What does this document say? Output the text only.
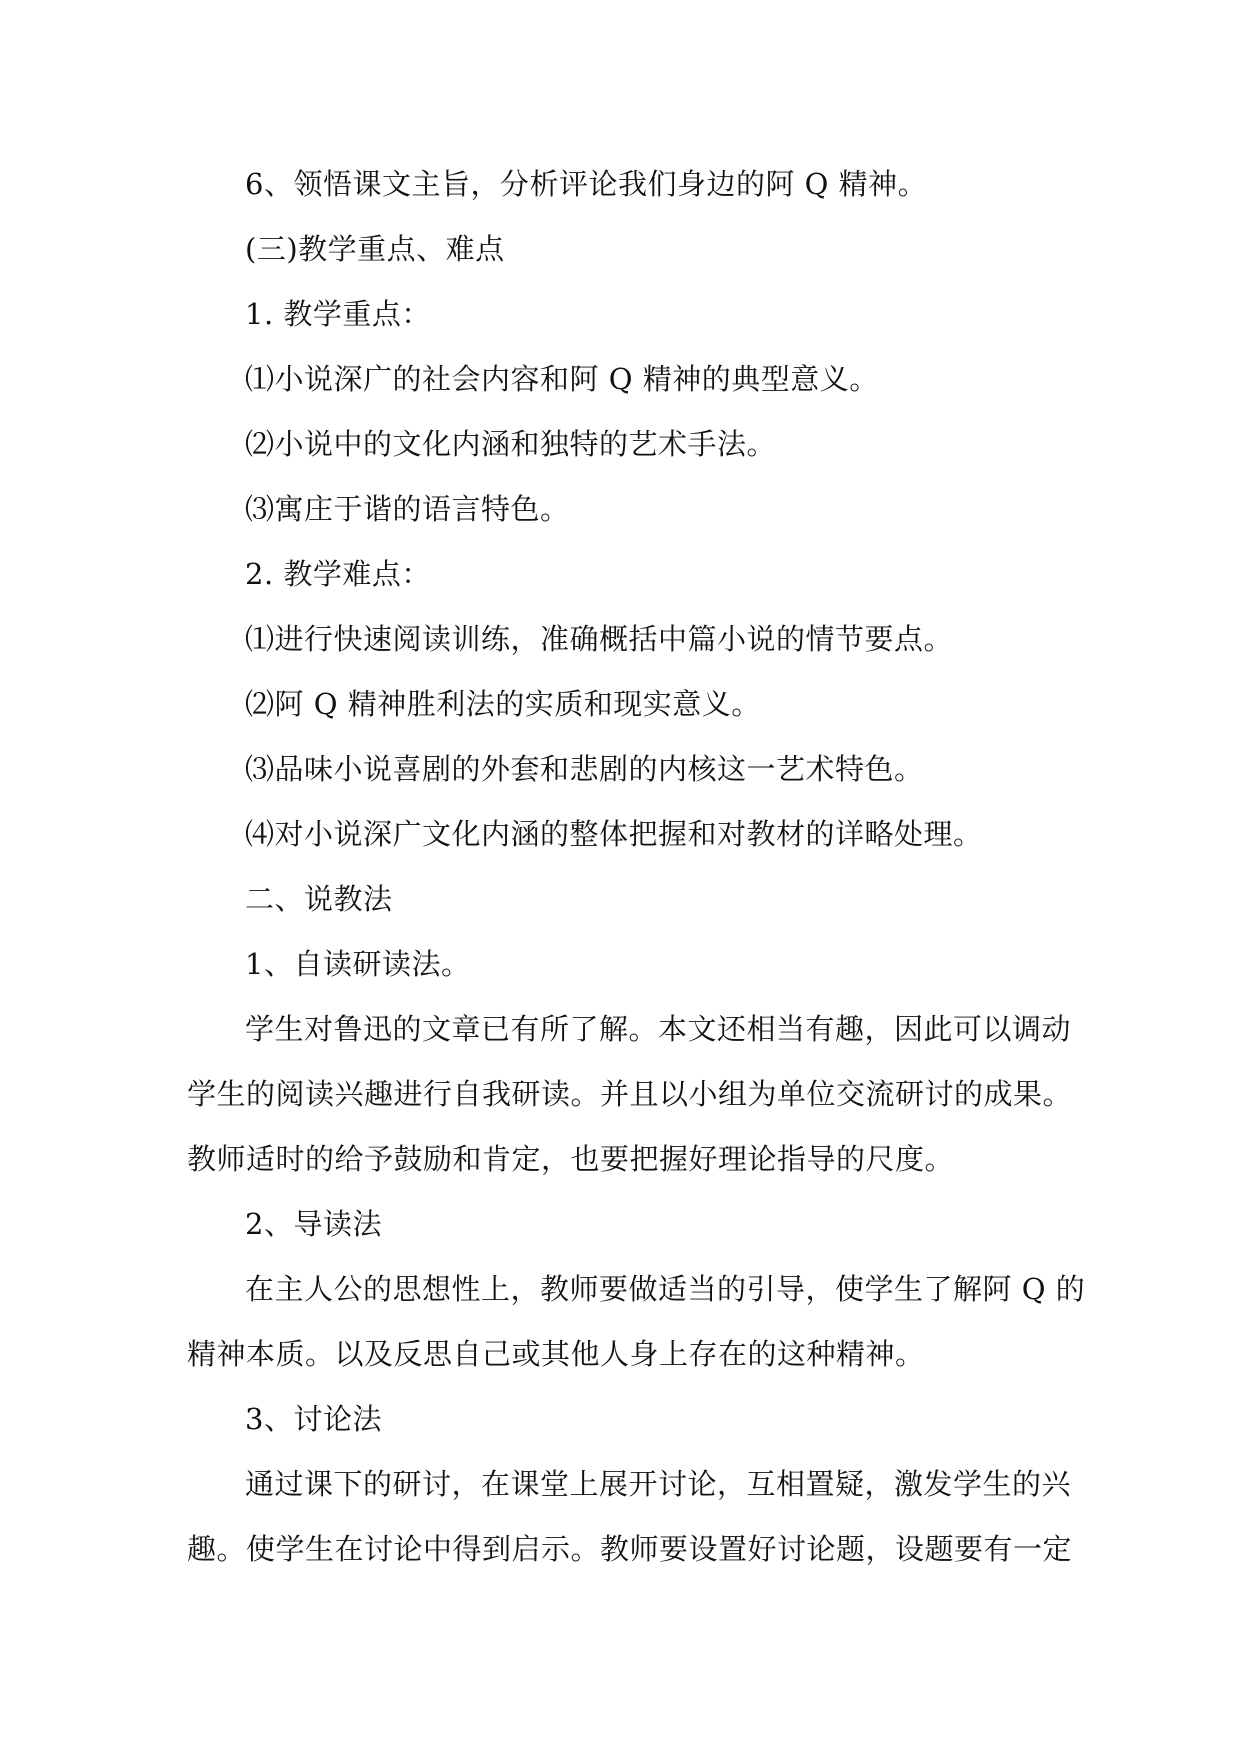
6、领悟课文主旨，分析评论我们身边的阿 Q 精神。
(三)教学重点、难点
1. 教学重点：
⑴小说深广的社会内容和阿 Q 精神的典型意义。
⑵小说中的文化内涵和独特的艺术手法。
⑶寓庄于谐的语言特色。
2. 教学难点：
⑴进行快速阅读训练，准确概括中篇小说的情节要点。
⑵阿 Q 精神胜利法的实质和现实意义。
⑶品味小说喜剧的外套和悲剧的内核这一艺术特色。
⑷对小说深广文化内涵的整体把握和对教材的详略处理。
二、说教法
1、自读研读法。
学生对鲁迅的文章已有所了解。本文还相当有趣，因此可以调动
学生的阅读兴趣进行自我研读。并且以小组为单位交流研讨的成果。
教师适时的给予鼓励和肯定，也要把握好理论指导的尺度。
2、导读法
在主人公的思想性上，教师要做适当的引导，使学生了解阿 Q 的
精神本质。以及反思自己或其他人身上存在的这种精神。
3、讨论法
通过课下的研讨，在课堂上展开讨论，互相置疑，激发学生的兴
趣。使学生在讨论中得到启示。教师要设置好讨论题，设题要有一定
